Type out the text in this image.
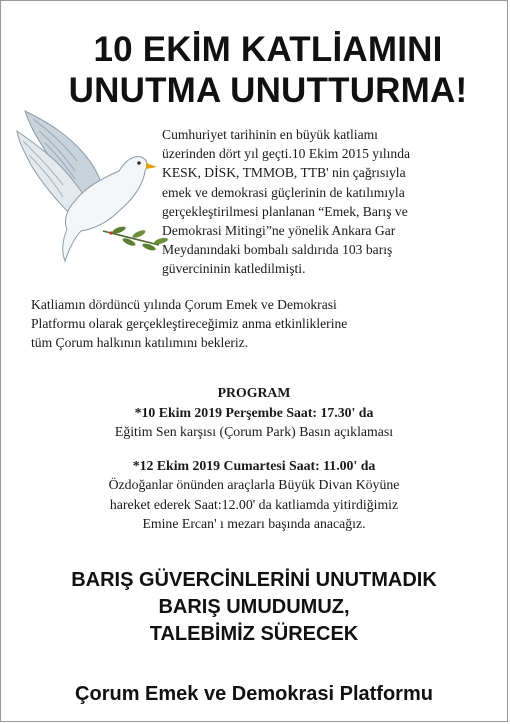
10 EKİM KATLİAMINI
UNUTMA UNUTTURMA!

Cumhuriyet tarihinin en büyük katliamı

üzerinden dört yıl geçti.10 Ekim 2015 yılında

KESK, DİSK, TMMOB, TTB' nin çağrısıyla

emek ve demokrasi güçlerinin de katılımıyla

gerçekleştirilmesi planlanan “Emek, Barış ve

Demokrasi Mitingi”ne yönelik Ankara Gar

Meydanındaki bombalı saldırıda 103 barış

güvercininin katledilmişti.

Katliamın dördüncü yılında Çorum Emek ve Demokrasi
Platformu olarak gerçekleştireceğimiz anma etkinliklerine
tüm Çorum halkının katılımını bekleriz.
PROGRAM
*10 Ekim 2019 Perşembe Saat: 17.30' da
Eğitim Sen karşısı (Çorum Park) Basın açıklaması
*12 Ekim 2019 Cumartesi Saat: 11.00' da
Özdoğanlar önünden araçlarla Büyük Divan Köyüne
hareket ederek Saat:12.00' da katliamda yitirdiğimiz
Emine Ercan' ı mezarı başında anacağız.
BARIŞ GÜVERCİNLERİNİ UNUTMADIK
BARIŞ UMUDUMUZ,
TALEBİMİZ SÜRECEK
Çorum Emek ve Demokrasi Platformu
